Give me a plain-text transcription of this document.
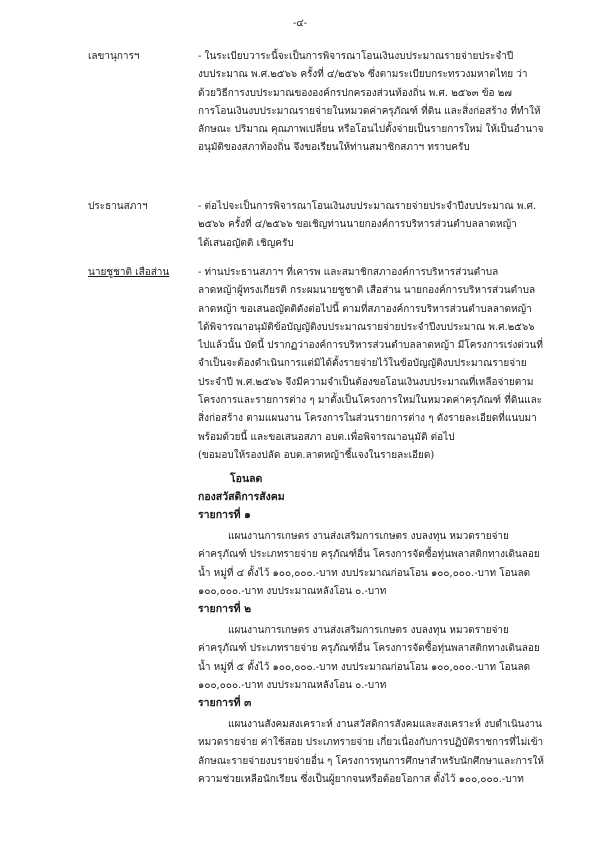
-๔-
เลขานุการฯ	- ในระเบียบวาระนี้จะเป็นการพิจารณาโอนเงินงบประมาณรายจ่ายประจำปี
งบประมาณ พ.ศ.๒๕๖๖ ครั้งที่ ๔/๒๕๖๖ ซึ่งตามระเบียบกระทรวงมหาดไทย ว่า
ด้วยวิธีการงบประมาณขององค์กรปกครองส่วนท้องถิ่น พ.ศ. ๒๕๖๓ ข้อ ๒๗
การโอนเงินงบประมาณรายจ่ายในหมวดค่าครุภัณฑ์ ที่ดิน และสิ่งก่อสร้าง ที่ทำให้
ลักษณะ ปริมาณ คุณภาพเปลี่ยน หรือโอนไปตั้งจ่ายเป็นรายการใหม่ ให้เป็นอำนาจ
อนุมัติของสภาท้องถิ่น จึงขอเรียนให้ท่านสมาชิกสภาฯ ทราบครับ
ประธานสภาฯ	- ต่อไปจะเป็นการพิจารณาโอนเงินงบประมาณรายจ่ายประจำปีงบประมาณ พ.ศ.
๒๕๖๖ ครั้งที่ ๔/๒๕๖๖ ขอเชิญท่านนายกองค์การบริหารส่วนตำบลลาดหญ้า
ได้เสนอญัตติ เชิญครับ
นายชูชาติ เสือส่าน	- ท่านประธานสภาฯ ที่เคารพ และสมาชิกสภาองค์การบริหารส่วนตำบล
ลาดหญ้าผู้ทรงเกียรติ กระผมนายชูชาติ เสือส่าน นายกองค์การบริหารส่วนตำบล
ลาดหญ้า ขอเสนอญัตติดังต่อไปนี้ ตามที่สภาองค์การบริหารส่วนตำบลลาดหญ้า
ได้พิจารณาอนุมัติข้อบัญญัติงบประมาณรายจ่ายประจำปีงบประมาณ พ.ศ.๒๕๖๖
ไปแล้วนั้น บัดนี้ ปรากฏว่าองค์การบริหารส่วนตำบลลาดหญ้า มีโครงการเร่งด่วนที่
จำเป็นจะต้องดำเนินการแต่มิได้ตั้งรายจ่ายไว้ในข้อบัญญัติงบประมาณรายจ่าย
ประจำปี พ.ศ.๒๕๖๖ จึงมีความจำเป็นต้องขอโอนเงินงบประมาณที่เหลือจ่ายตาม
โครงการและรายการต่าง ๆ มาตั้งเป็นโครงการใหม่ในหมวดค่าครุภัณฑ์ ที่ดินและ
สิ่งก่อสร้าง ตามแผนงาน โครงการในส่วนรายการต่าง ๆ ดังรายละเอียดที่แนบมา
พร้อมด้วยนี้ และขอเสนอสภา อบต.เพื่อพิจารณาอนุมัติ ต่อไป
(ขอมอบให้รองปลัด อบต.ลาดหญ้าชี้แจงในรายละเอียด)
โอนลด
กองสวัสดิการสังคม
รายการที่ ๑
แผนงานการเกษตร งานส่งเสริมการเกษตร งบลงทุน หมวดรายจ่าย
ค่าครุภัณฑ์ ประเภทรายจ่าย ครุภัณฑ์อื่น โครงการจัดซื้อทุ่นพลาสติกทางเดินลอย
น้ำ หมู่ที่ ๔ ตั้งไว้ ๑๐๐,๐๐๐.-บาท งบประมาณก่อนโอน ๑๐๐,๐๐๐.-บาท โอนลด
๑๐๐,๐๐๐.-บาท งบประมาณหลังโอน ๐.-บาท
รายการที่ ๒
แผนงานการเกษตร งานส่งเสริมการเกษตร งบลงทุน หมวดรายจ่าย
ค่าครุภัณฑ์ ประเภทรายจ่าย ครุภัณฑ์อื่น โครงการจัดซื้อทุ่นพลาสติกทางเดินลอย
น้ำ หมู่ที่ ๕ ตั้งไว้ ๑๐๐,๐๐๐.-บาท งบประมาณก่อนโอน ๑๐๐,๐๐๐.-บาท โอนลด
๑๐๐,๐๐๐.-บาท งบประมาณหลังโอน ๐.-บาท
รายการที่ ๓
แผนงานสังคมสงเคราะห์ งานสวัสดิการสังคมและสงเคราะห์ งบดำเนินงาน
หมวดรายจ่าย ค่าใช้สอย ประเภทรายจ่าย เกี่ยวเนื่องกับการปฏิบัติราชการที่ไม่เข้า
ลักษณะรายจ่ายงบรายจ่ายอื่น ๆ โครงการทุนการศึกษาสำหรับนักศึกษาและการให้
ความช่วยเหลือนักเรียน ซึ่งเป็นผู้ยากจนหรือด้อยโอกาส ตั้งไว้ ๑๐๐,๐๐๐.-บาท
